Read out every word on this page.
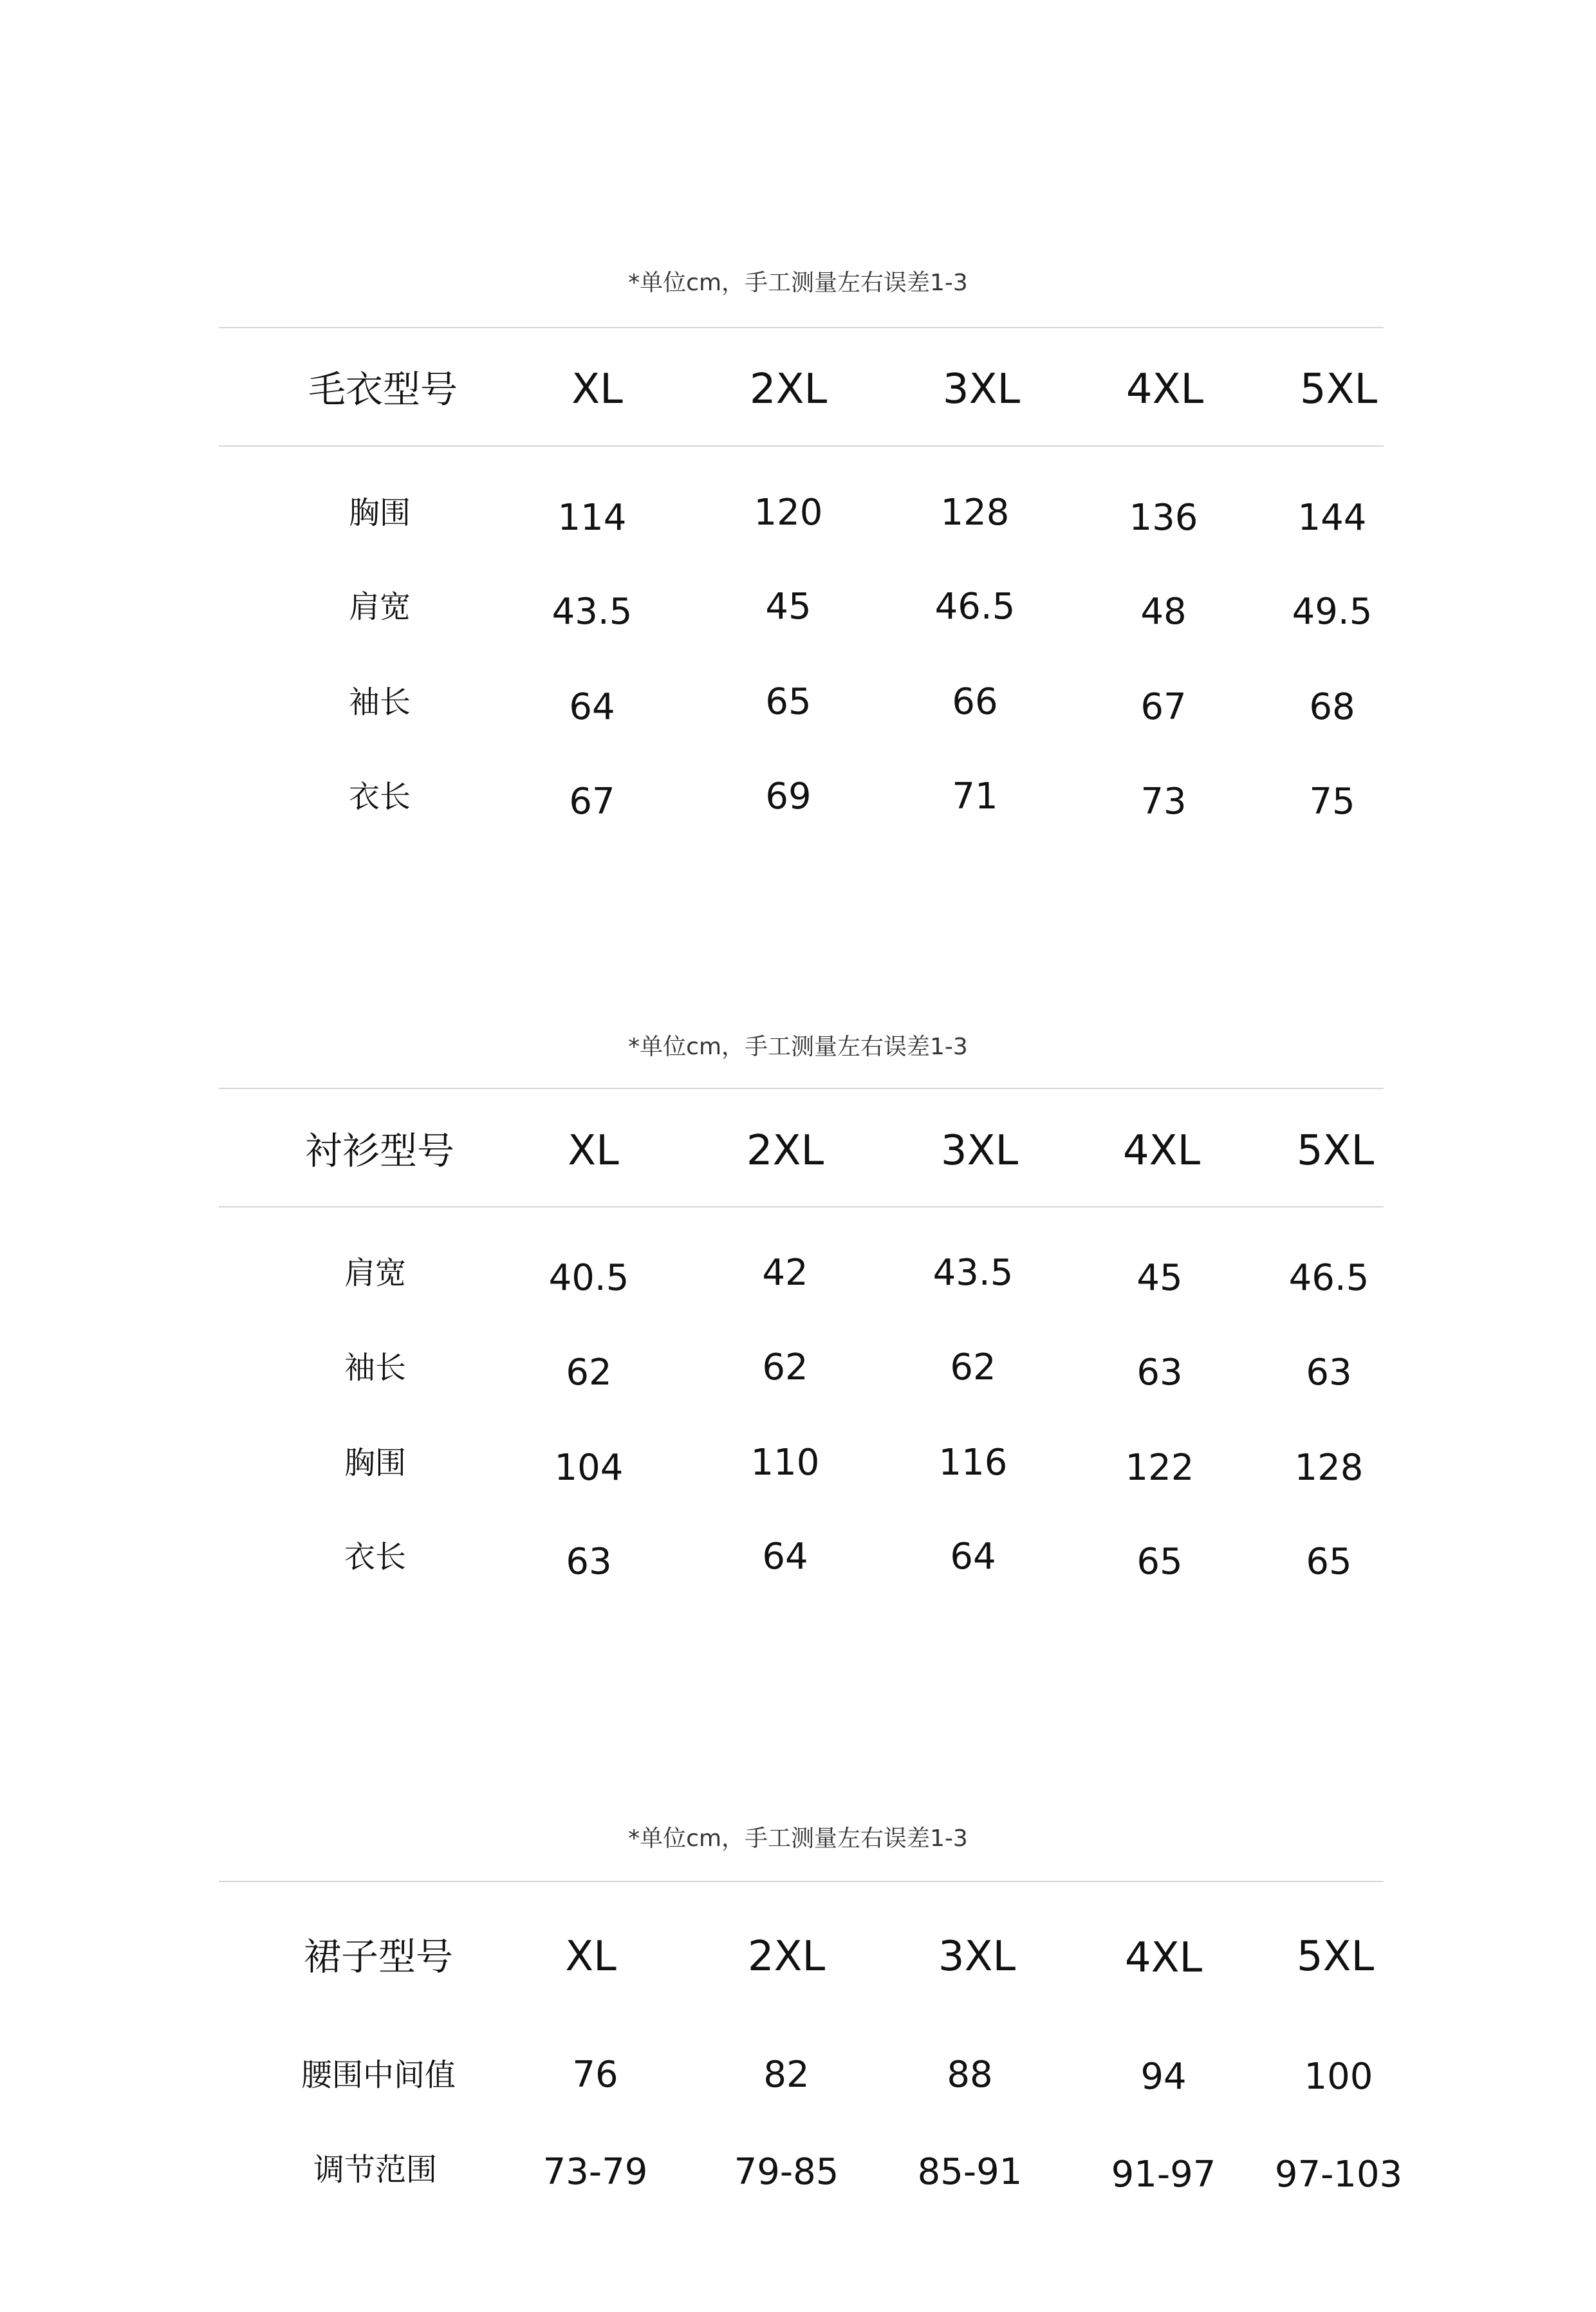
*单位cm，手工测量左右误差1-3
毛衣型号	XL	2XL	3XL	4XL	5XL
胸围	114	120	128	136	144
肩宽	43.5	45	46.5	48	49.5
袖长	64	65	66	67	68
衣长	67	69	71	73	75
*单位cm，手工测量左右误差1-3
衬衫型号	XL	2XL	3XL	4XL	5XL
肩宽	40.5	42	43.5	45	46.5
袖长	62	62	62	63	63
胸围	104	110	116	122	128
衣长	63	64	64	65	65
*单位cm，手工测量左右误差1-3
裙子型号	XL	2XL	3XL	4XL	5XL
腰围中间值	76	82	88	94	100
调节范围	73-79	79-85	85-91	91-97	97-103
